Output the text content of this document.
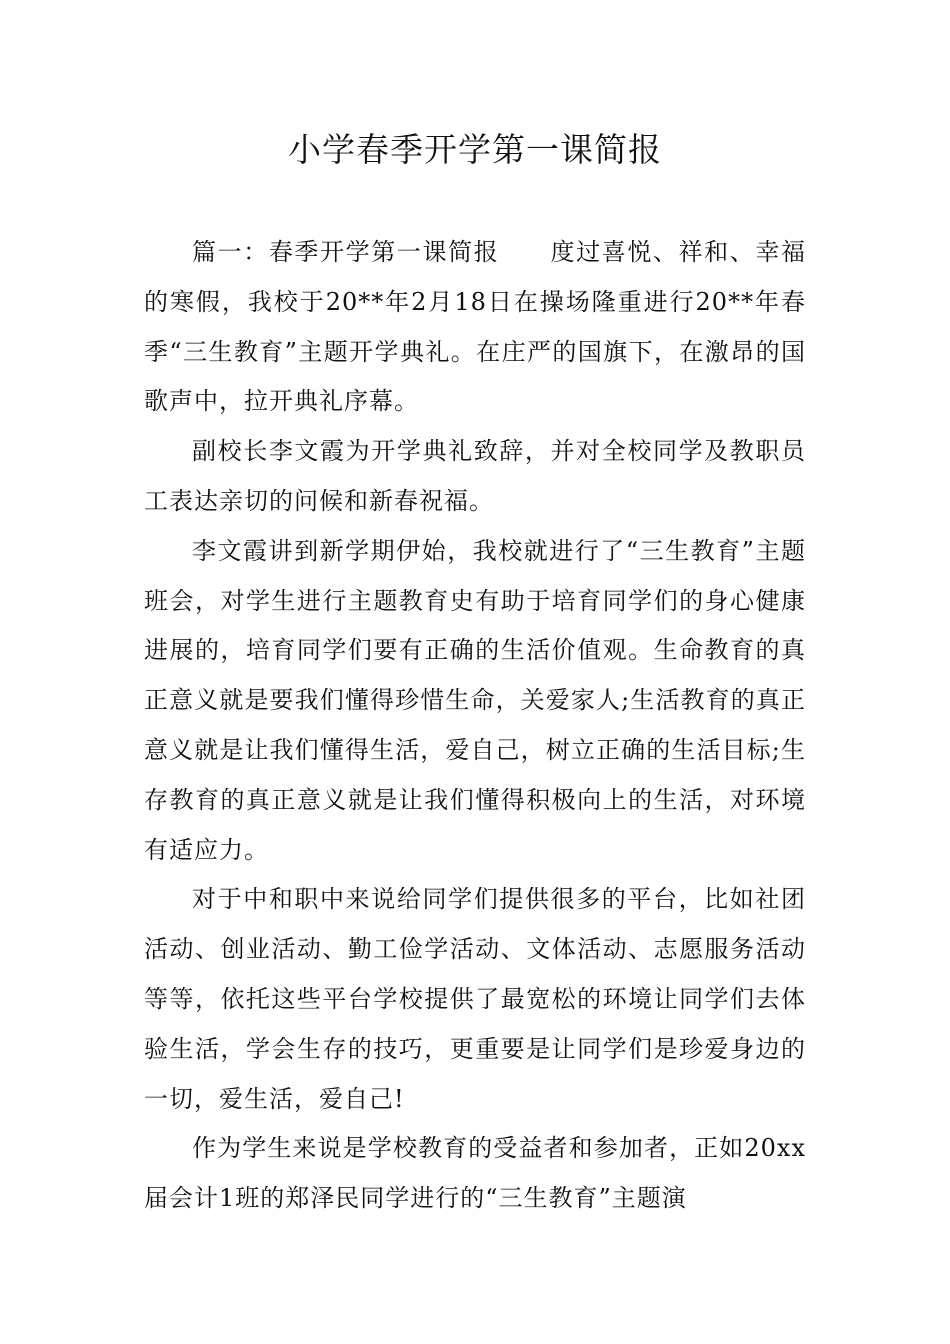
小学春季开学第一课简报

篇一：春季开学第一课简报　　度过喜悦、祥和、幸福的寒假，我校于20**年2月18日在操场隆重进行20**年春季“三生教育”主题开学典礼。在庄严的国旗下，在激昂的国歌声中，拉开典礼序幕。

副校长李文霞为开学典礼致辞，并对全校同学及教职员工表达亲切的问候和新春祝福。

李文霞讲到新学期伊始，我校就进行了“三生教育”主题班会，对学生进行主题教育史有助于培育同学们的身心健康进展的，培育同学们要有正确的生活价值观。生命教育的真正意义就是要我们懂得珍惜生命，关爱家人;生活教育的真正意义就是让我们懂得生活，爱自己，树立正确的生活目标;生存教育的真正意义就是让我们懂得积极向上的生活，对环境有适应力。

对于中和职中来说给同学们提供很多的平台，比如社团活动、创业活动、勤工俭学活动、文体活动、志愿服务活动等等，依托这些平台学校提供了最宽松的环境让同学们去体验生活，学会生存的技巧，更重要是让同学们是珍爱身边的一切，爱生活，爱自己!

作为学生来说是学校教育的受益者和参加者，正如20xx届会计1班的郑泽民同学进行的“三生教育”主题演
